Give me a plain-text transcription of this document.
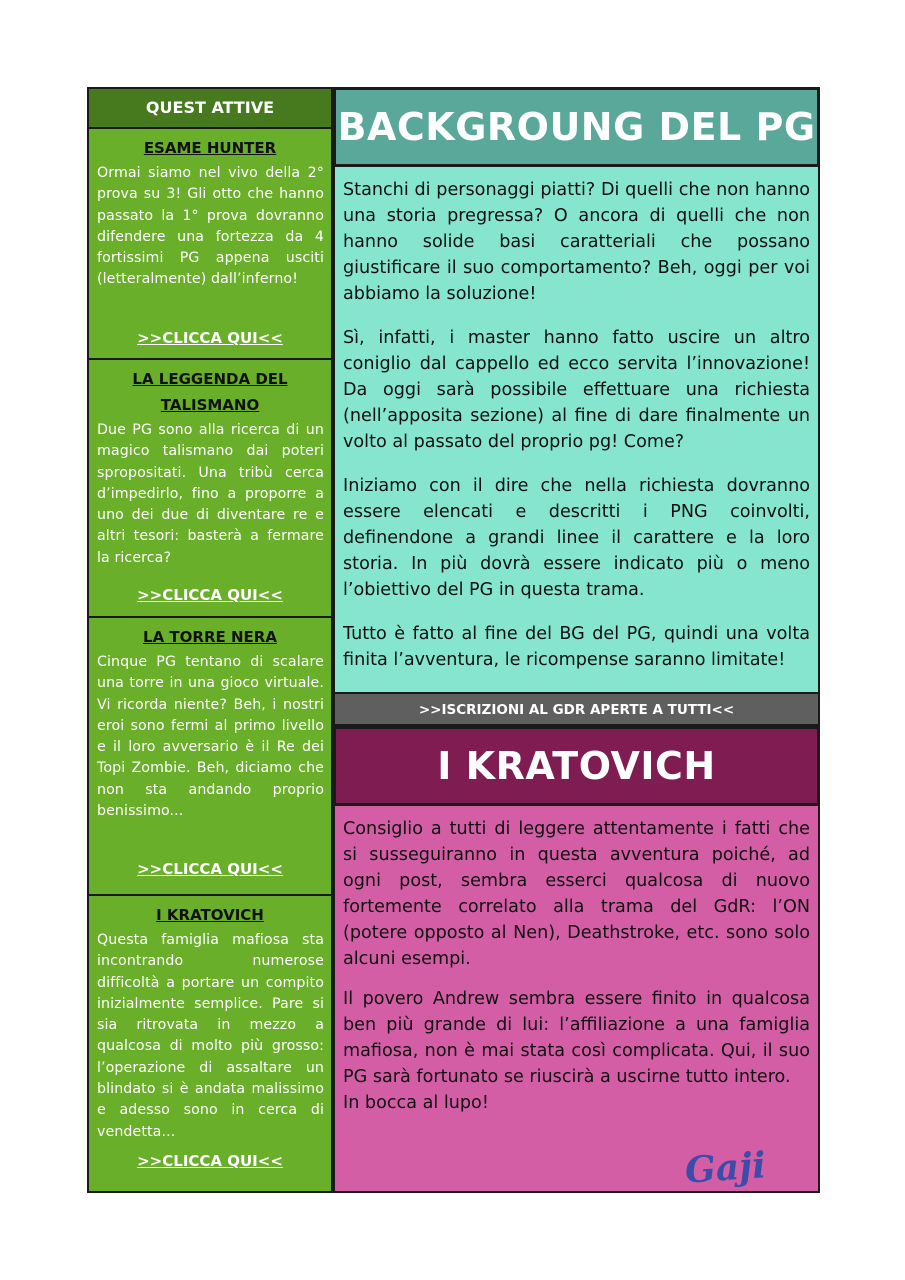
QUEST ATTIVE
ESAME HUNTER
Ormai siamo nel vivo della 2° prova su 3! Gli otto che hanno passato la 1° prova dovranno difendere una fortezza da 4 fortissimi PG appena usciti (letteralmente) dall’inferno!
>>CLICCA QUI<<
LA LEGGENDA DEL TALISMANO
Due PG sono alla ricerca di un magico talismano dai poteri spropositati. Una tribù cerca d’impedirlo, fino a proporre a uno dei due di diventare re e altri tesori: basterà a fermare la ricerca?
>>CLICCA QUI<<
LA TORRE NERA
Cinque PG tentano di scalare una torre in una gioco virtuale. Vi ricorda niente? Beh, i nostri eroi sono fermi al primo livello e il loro avversario è il Re dei Topi Zombie. Beh, diciamo che non sta andando proprio benissimo...
>>CLICCA QUI<<
I KRATOVICH
Questa famiglia mafiosa sta incontrando numerose difficoltà a portare un compito inizialmente semplice. Pare si sia ritrovata in mezzo a qualcosa di molto più grosso: l’operazione di assaltare un blindato si è andata malissimo e adesso sono in cerca di vendetta...
>>CLICCA QUI<<
BACKGROUNG DEL PG

Stanchi di personaggi piatti? Di quelli che non hanno una storia pregressa? O ancora di quelli che non hanno solide basi caratteriali che possano giustificare il suo comportamento? Beh, oggi per voi abbiamo la soluzione!

Sì, infatti, i master hanno fatto uscire un altro coniglio dal cappello ed ecco servita l’innovazione! Da oggi sarà possibile effettuare una richiesta (nell’apposita sezione) al fine di dare finalmente un volto al passato del proprio pg! Come?

Iniziamo con il dire che nella richiesta dovranno essere elencati e descritti i PNG coinvolti, definendone a grandi linee il carattere e la loro storia. In più dovrà essere indicato più o meno l’obiettivo del PG in questa trama.

Tutto è fatto al fine del BG del PG, quindi una volta finita l’avventura, le ricompense saranno limitate!

>>ISCRIZIONI AL GDR APERTE A TUTTI<<
I KRATOVICH

Consiglio a tutti di leggere attentamente i fatti che si susseguiranno in questa avventura poiché, ad ogni post, sembra esserci qualcosa di nuovo fortemente correlato alla trama del GdR: l’ON (potere opposto al Nen), Deathstroke, etc. sono solo alcuni esempi.

Il povero Andrew sembra essere finito in qualcosa ben più grande di lui: l’affiliazione a una famiglia mafiosa, non è mai stata così complicata. Qui, il suo PG sarà fortunato se riuscirà a uscirne tutto intero.

In bocca al lupo!

Gaji
